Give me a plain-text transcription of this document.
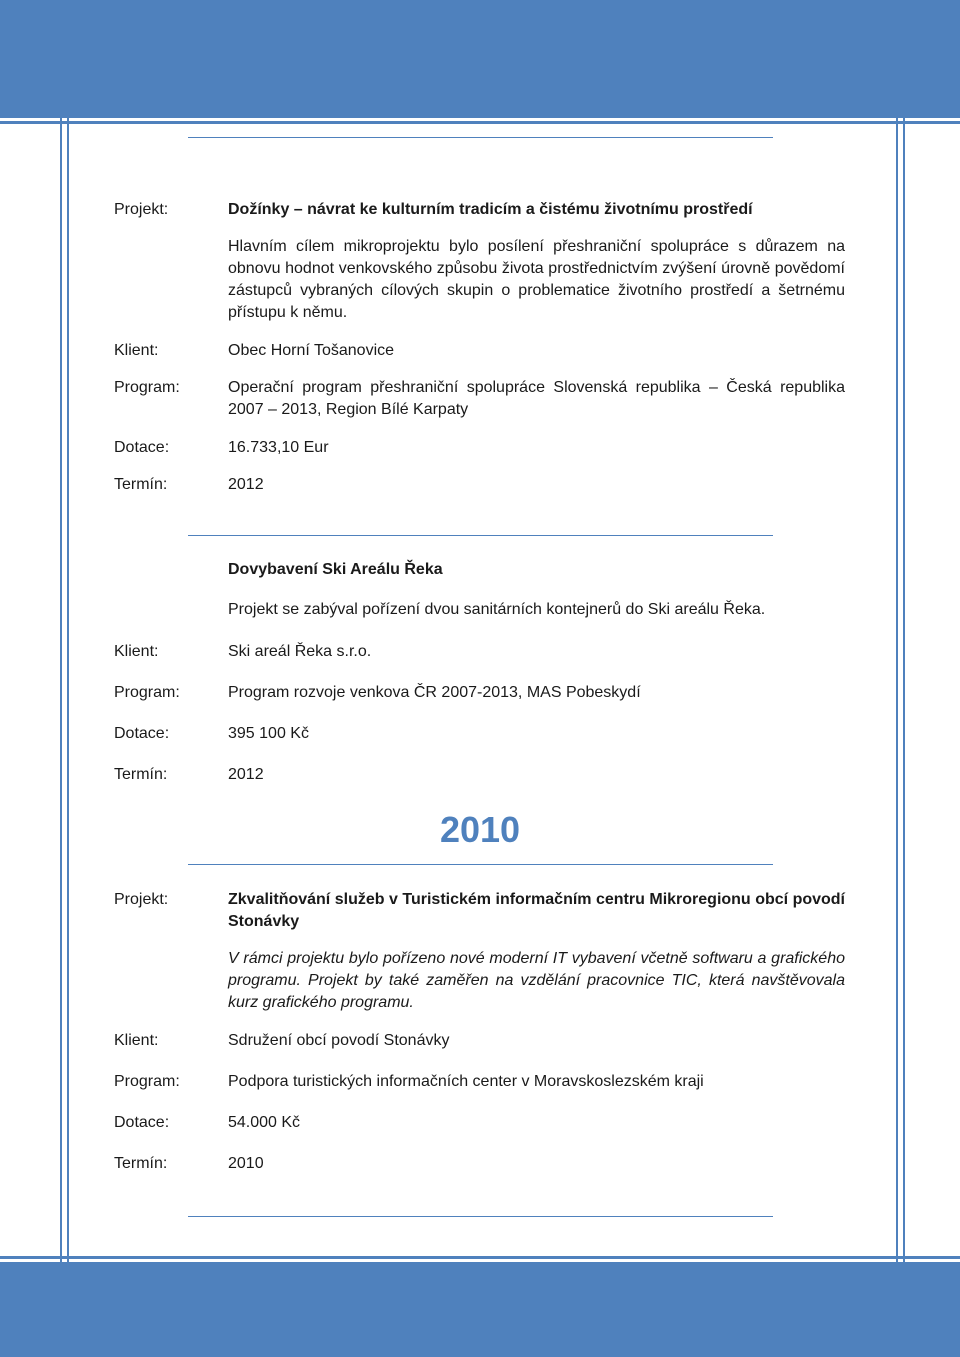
Projekt:	Dožínky – návrat ke kulturním tradicím a čistému životnímu prostředí
Hlavním cílem mikroprojektu bylo posílení přeshraniční spolupráce s důrazem na obnovu hodnot venkovského způsobu života prostřednictvím zvýšení úrovně povědomí zástupců vybraných cílových skupin o problematice životního prostředí a šetrnému přístupu k němu.
Klient:	Obec Horní Tošanovice
Program:	Operační program přeshraniční spolupráce Slovenská republika – Česká republika 2007 – 2013, Region Bílé Karpaty
Dotace:	16.733,10 Eur
Termín:	2012
Dovybavení Ski Areálu Řeka
Projekt se zabýval pořízení dvou sanitárních kontejnerů do Ski areálu Řeka.
Klient:	Ski areál Řeka s.r.o.
Program:	Program rozvoje venkova ČR 2007-2013, MAS Pobeskydí
Dotace:	395 100 Kč
Termín:	2012
2010
Projekt:	Zkvalitňování služeb v Turistickém informačním centru Mikroregionu obcí povodí Stonávky
V rámci projektu bylo pořízeno nové moderní IT vybavení včetně softwaru a grafického programu. Projekt by také zaměřen na vzdělání pracovnice TIC, která navštěvovala kurz grafického programu.
Klient:	Sdružení obcí povodí Stonávky
Program:	Podpora turistických informačních center v Moravskoslezském kraji
Dotace:	54.000 Kč
Termín:	2010
